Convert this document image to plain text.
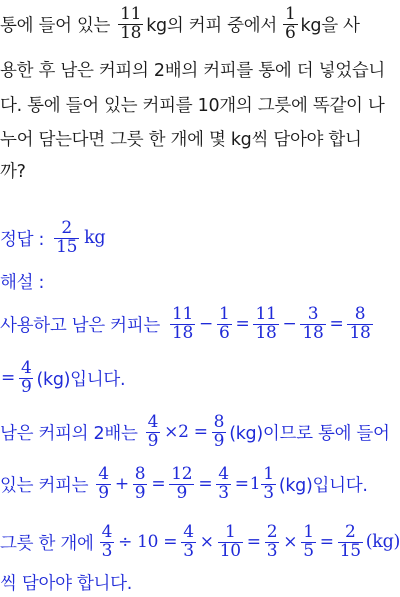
통에 들어 있는 $\frac{11}{18}$ kg의 커피 중에서 $\frac{1}{6}$ kg을 사
용한 후 남은 커피의 2배의 커피를 통에 더 넣었습니
다. 통에 들어 있는 커피를 10개의 그릇에 똑같이 나
누어 담는다면 그릇 한 개에 몇 kg씩 담아야 합니
까?
정답 : $\frac{2}{15}$ kg
해설 :
사용하고 남은 커피는 $\frac{11}{18} - \frac{1}{6} = \frac{11}{18} - \frac{3}{18} = \frac{8}{18}$
= $\frac{4}{9} (kg)$입니다.
남은 커피의 2배는 $\frac{4}{9} \times 2 = \frac{8}{9} (kg)$이므로 통에 들어
있는 커피는 $\frac{4}{9} + \frac{8}{9} = \frac{12}{9} = \frac{4}{3} = 1 \frac{1}{3} (kg)$입니다.
그릇 한 개에 $\frac{4}{3} \div 10 = \frac{4}{3} \times \frac{1}{10} = \frac{2}{3} \times \frac{1}{5} = \frac{2}{15} (kg)$
씩 담아야 합니다.
